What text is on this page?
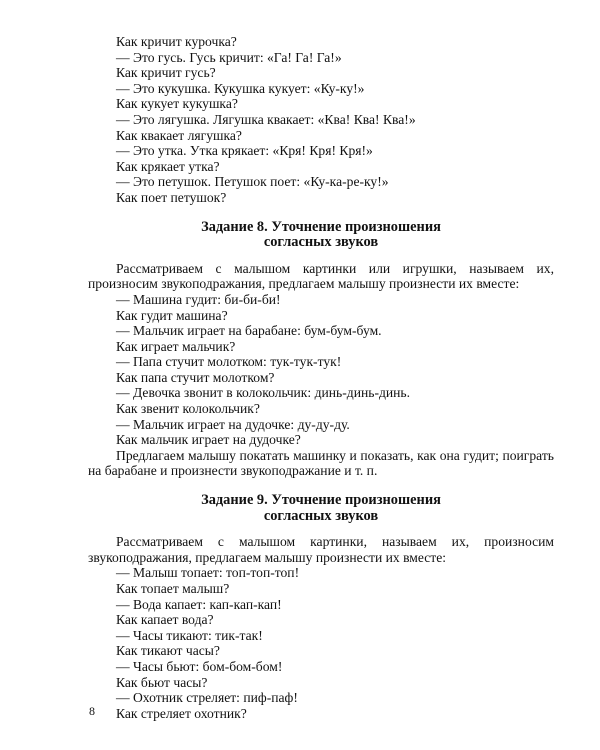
Как кричит курочка?
— Это гусь. Гусь кричит: «Га! Га! Га!»
Как кричит гусь?
— Это кукушка. Кукушка кукует: «Ку-ку!»
Как кукует кукушка?
— Это лягушка. Лягушка квакает: «Ква! Ква! Ква!»
Как квакает лягушка?
— Это утка. Утка крякает: «Кря! Кря! Кря!»
Как крякает утка?
— Это петушок. Петушок поет: «Ку-ка-ре-ку!»
Как поет петушок?
Задание 8. Уточнение произношения
согласных звуков
Рассматриваем с малышом картинки или игрушки, называем их, произносим звукоподражания, предлагаем малышу произнести их вместе:
— Машина гудит: би-би-би!
Как гудит машина?
— Мальчик играет на барабане: бум-бум-бум.
Как играет мальчик?
— Папа стучит молотком: тук-тук-тук!
Как папа стучит молотком?
— Девочка звонит в колокольчик: динь-динь-динь.
Как звенит колокольчик?
— Мальчик играет на дудочке: ду-ду-ду.
Как мальчик играет на дудочке?
Предлагаем малышу покатать машинку и показать, как она гудит; поиграть на барабане и произнести звукоподражание и т. п.
Задание 9. Уточнение произношения
согласных звуков
Рассматриваем с малышом картинки, называем их, произносим звукоподражания, предлагаем малышу произнести их вместе:
— Малыш топает: топ-топ-топ!
Как топает малыш?
— Вода капает: кап-кап-кап!
Как капает вода?
— Часы тикают: тик-так!
Как тикают часы?
— Часы бьют: бом-бом-бом!
Как бьют часы?
— Охотник стреляет: пиф-паф!
Как стреляет охотник?
8
